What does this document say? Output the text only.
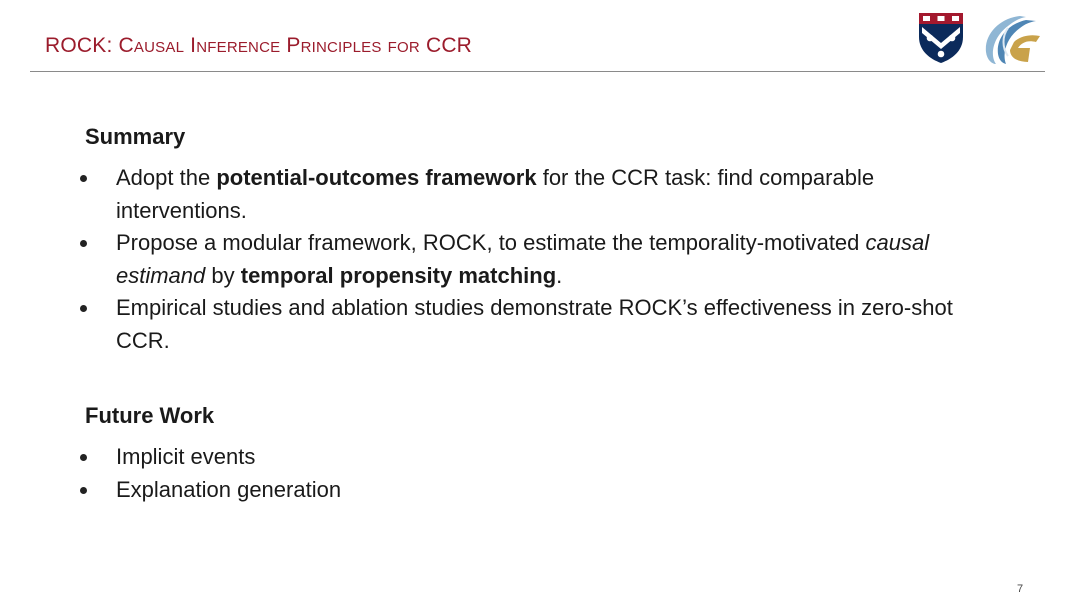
ROCK: CAUSAL INFERENCE PRINCIPLES FOR CCR
Summary
Adopt the potential-outcomes framework for the CCR task: find comparable interventions.
Propose a modular framework, ROCK, to estimate the temporality-motivated causal estimand by temporal propensity matching.
Empirical studies and ablation studies demonstrate ROCK’s effectiveness in zero-shot CCR.
Future Work
Implicit events
Explanation generation
7
